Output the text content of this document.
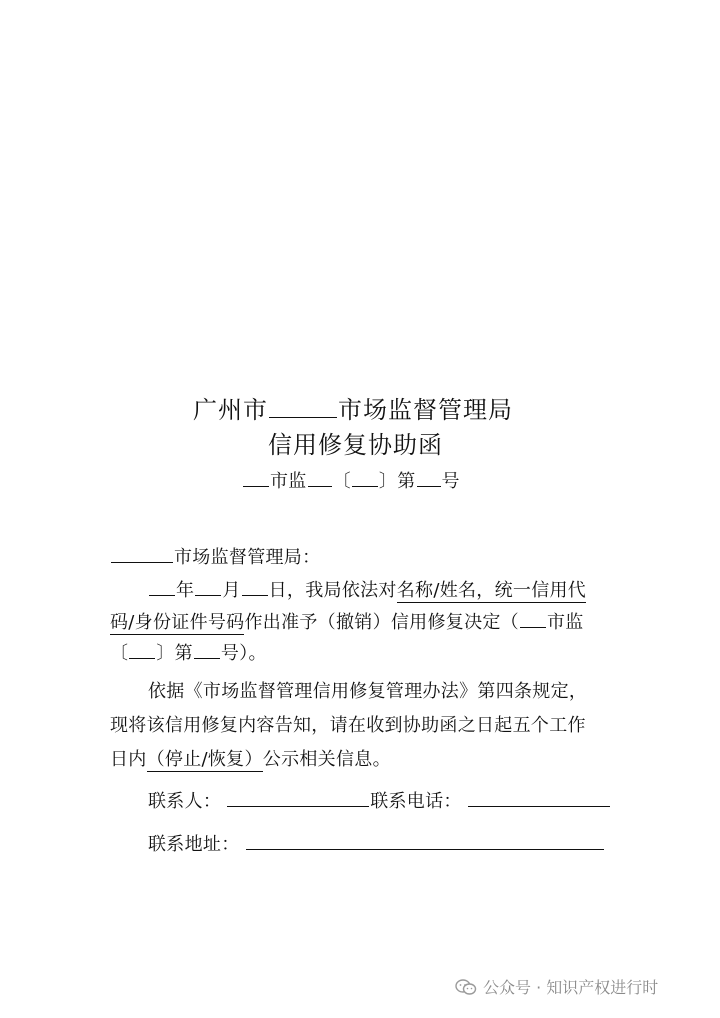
广州市	市场监督管理局
信用修复协助函
市监 〔 〕第 号
市场监督管理局：
年 月 日，我局依法对名称/姓名，统一信用代
码/身份证件号码作出准予（撤销）信用修复决定（ 市监
〔 〕第 号）。
依据《市场监督管理信用修复管理办法》第四条规定，
现将该信用修复内容告知，请在收到协助函之日起五个工作
日内（停止/恢复）公示相关信息。
联系人：	联系电话：
联系地址：
公众号 · 知识产权进行时
